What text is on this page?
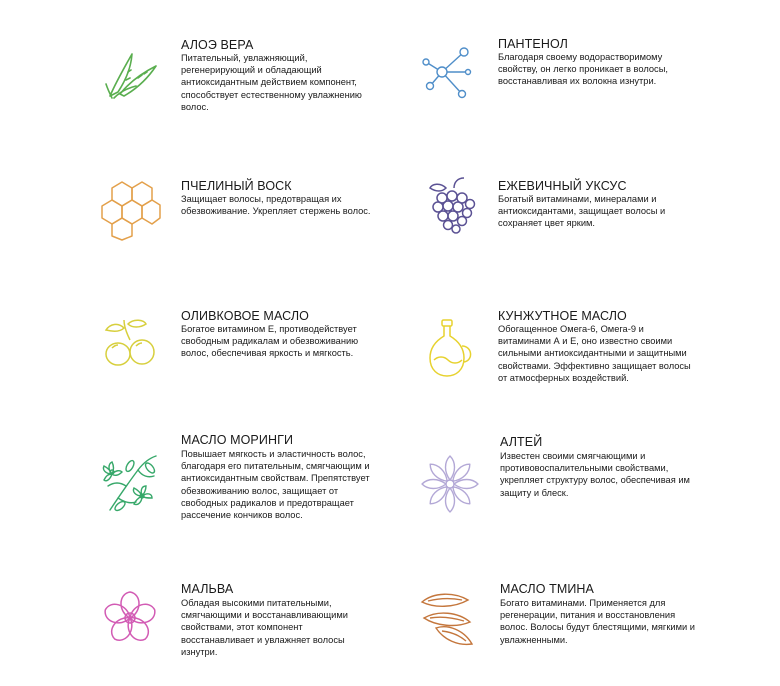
АЛОЭ ВЕРА
Питательный, увлажняющий, регенерирующий и обладающий антиоксидантным действием компонент, способствует естественному увлажнению волос.
ПАНТЕНОЛ
Благодаря своему водорастворимому свойству, он легко проникает в волосы, восстанавливая их волокна изнутри.
ПЧЕЛИНЫЙ ВОСК
Защищает волосы, предотвращая их обезвоживание. Укрепляет стержень волос.
ЕЖЕВИЧНЫЙ УКСУС
Богатый витаминами, минералами и антиоксидантами, защищает волосы и сохраняет цвет ярким.
ОЛИВКОВОЕ МАСЛО
Богатое витамином E, противодействует свободным радикалам и обезвоживанию волос, обеспечивая яркость и мягкость.
КУНЖУТНОЕ МАСЛО
Обогащенное Омега-6, Омега-9 и витаминами А и Е, оно известно своими сильными антиоксидантными и защитными свойствами. Эффективно защищает волосы от атмосферных воздействий.
МАСЛО МОРИНГИ
Повышает мягкость и эластичность волос, благодаря его питательным, смягчающим и антиоксидантным свойствам. Препятствует обезвоживанию волос, защищает от свободных радикалов и предотвращает рассечение кончиков волос.
АЛТЕЙ
Известен своими смягчающими и противовоспалительными свойствами, укрепляет структуру волос, обеспечивая им защиту и блеск.
МАЛЬВА
Обладая высокими питательными, смягчающими и восстанавливающими свойствами, этот компонент восстанавливает и увлажняет волосы изнутри.
МАСЛО ТМИНА
Богато витаминами. Применяется для регенерации, питания и восстановления волос. Волосы будут блестящими, мягкими и увлажненными.
